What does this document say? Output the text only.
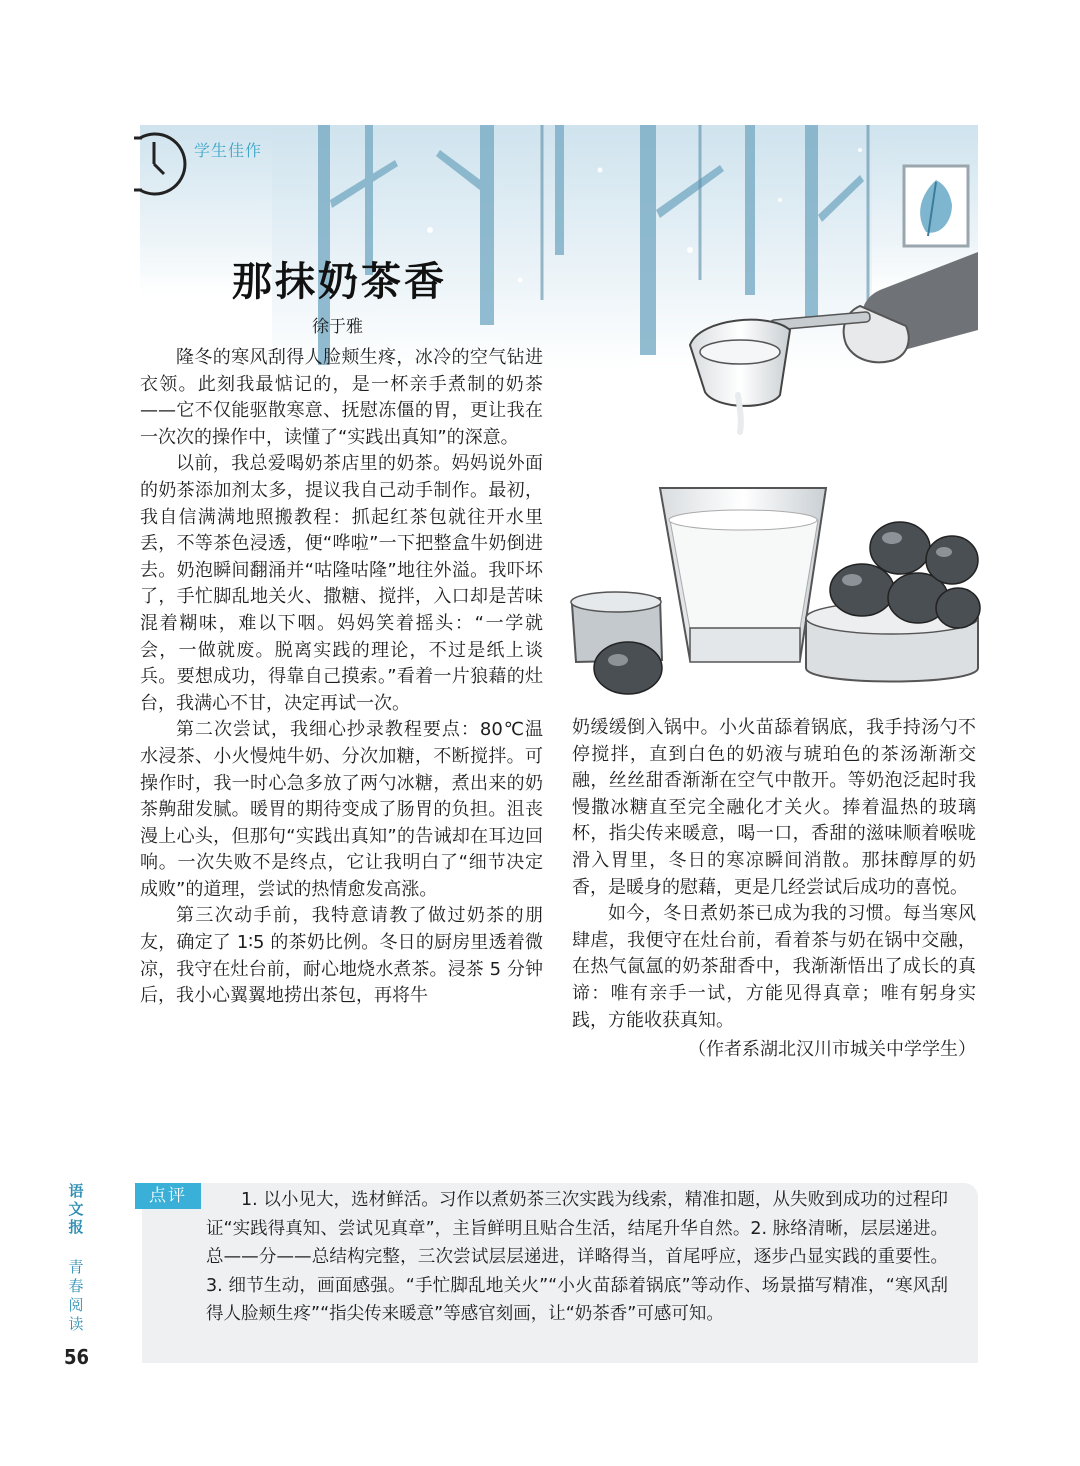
学生佳作
那抹奶茶香
徐于雅

隆冬的寒风刮得人脸颊生疼，冰冷的空气钻进衣领。此刻我最惦记的，是一杯亲手煮制的奶茶——它不仅能驱散寒意、抚慰冻僵的胃，更让我在一次次的操作中，读懂了“实践出真知”的深意。

以前，我总爱喝奶茶店里的奶茶。妈妈说外面的奶茶添加剂太多，提议我自己动手制作。最初，我自信满满地照搬教程：抓起红茶包就往开水里丢，不等茶色浸透，便“哗啦”一下把整盒牛奶倒进去。奶泡瞬间翻涌并“咕隆咕隆”地往外溢。我吓坏了，手忙脚乱地关火、撒糖、搅拌，入口却是苦味混着糊味，难以下咽。妈妈笑着摇头：“一学就会，一做就废。脱离实践的理论，不过是纸上谈兵。要想成功，得靠自己摸索。”看着一片狼藉的灶台，我满心不甘，决定再试一次。

第二次尝试，我细心抄录教程要点：80℃温水浸茶、小火慢炖牛奶、分次加糖，不断搅拌。可操作时，我一时心急多放了两勺冰糖，煮出来的奶茶齁甜发腻。暖胃的期待变成了肠胃的负担。沮丧漫上心头，但那句“实践出真知”的告诫却在耳边回响。一次失败不是终点，它让我明白了“细节决定成败”的道理，尝试的热情愈发高涨。

第三次动手前，我特意请教了做过奶茶的朋友，确定了 1∶5 的茶奶比例。冬日的厨房里透着微凉，我守在灶台前，耐心地烧水煮茶。浸茶 5 分钟后，我小心翼翼地捞出茶包，再将牛

奶缓缓倒入锅中。小火苗舔着锅底，我手持汤勺不停搅拌，直到白色的奶液与琥珀色的茶汤渐渐交融，丝丝甜香渐渐在空气中散开。等奶泡泛起时我慢撒冰糖直至完全融化才关火。捧着温热的玻璃杯，指尖传来暖意，喝一口，香甜的滋味顺着喉咙滑入胃里，冬日的寒凉瞬间消散。那抹醇厚的奶香，是暖身的慰藉，更是几经尝试后成功的喜悦。

如今，冬日煮奶茶已成为我的习惯。每当寒风肆虐，我便守在灶台前，看着茶与奶在锅中交融，在热气氤氲的奶茶甜香中，我渐渐悟出了成长的真谛：唯有亲手一试，方能见得真章；唯有躬身实践，方能收获真知。

（作者系湖北汉川市城关中学学生）

点评	1. 以小见大，选材鲜活。习作以煮奶茶三次实践为线索，精准扣题，从失败到成功的过程印证“实践得真知、尝试见真章”，主旨鲜明且贴合生活，结尾升华自然。2. 脉络清晰，层层递进。总——分——总结构完整，三次尝试层层递进，详略得当，首尾呼应，逐步凸显实践的重要性。3. 细节生动，画面感强。“手忙脚乱地关火”“小火苗舔着锅底”等动作、场景描写精准，“寒风刮得人脸颊生疼”“指尖传来暖意”等感官刻画，让“奶茶香”可感可知。
语文报
青春阅读
56
